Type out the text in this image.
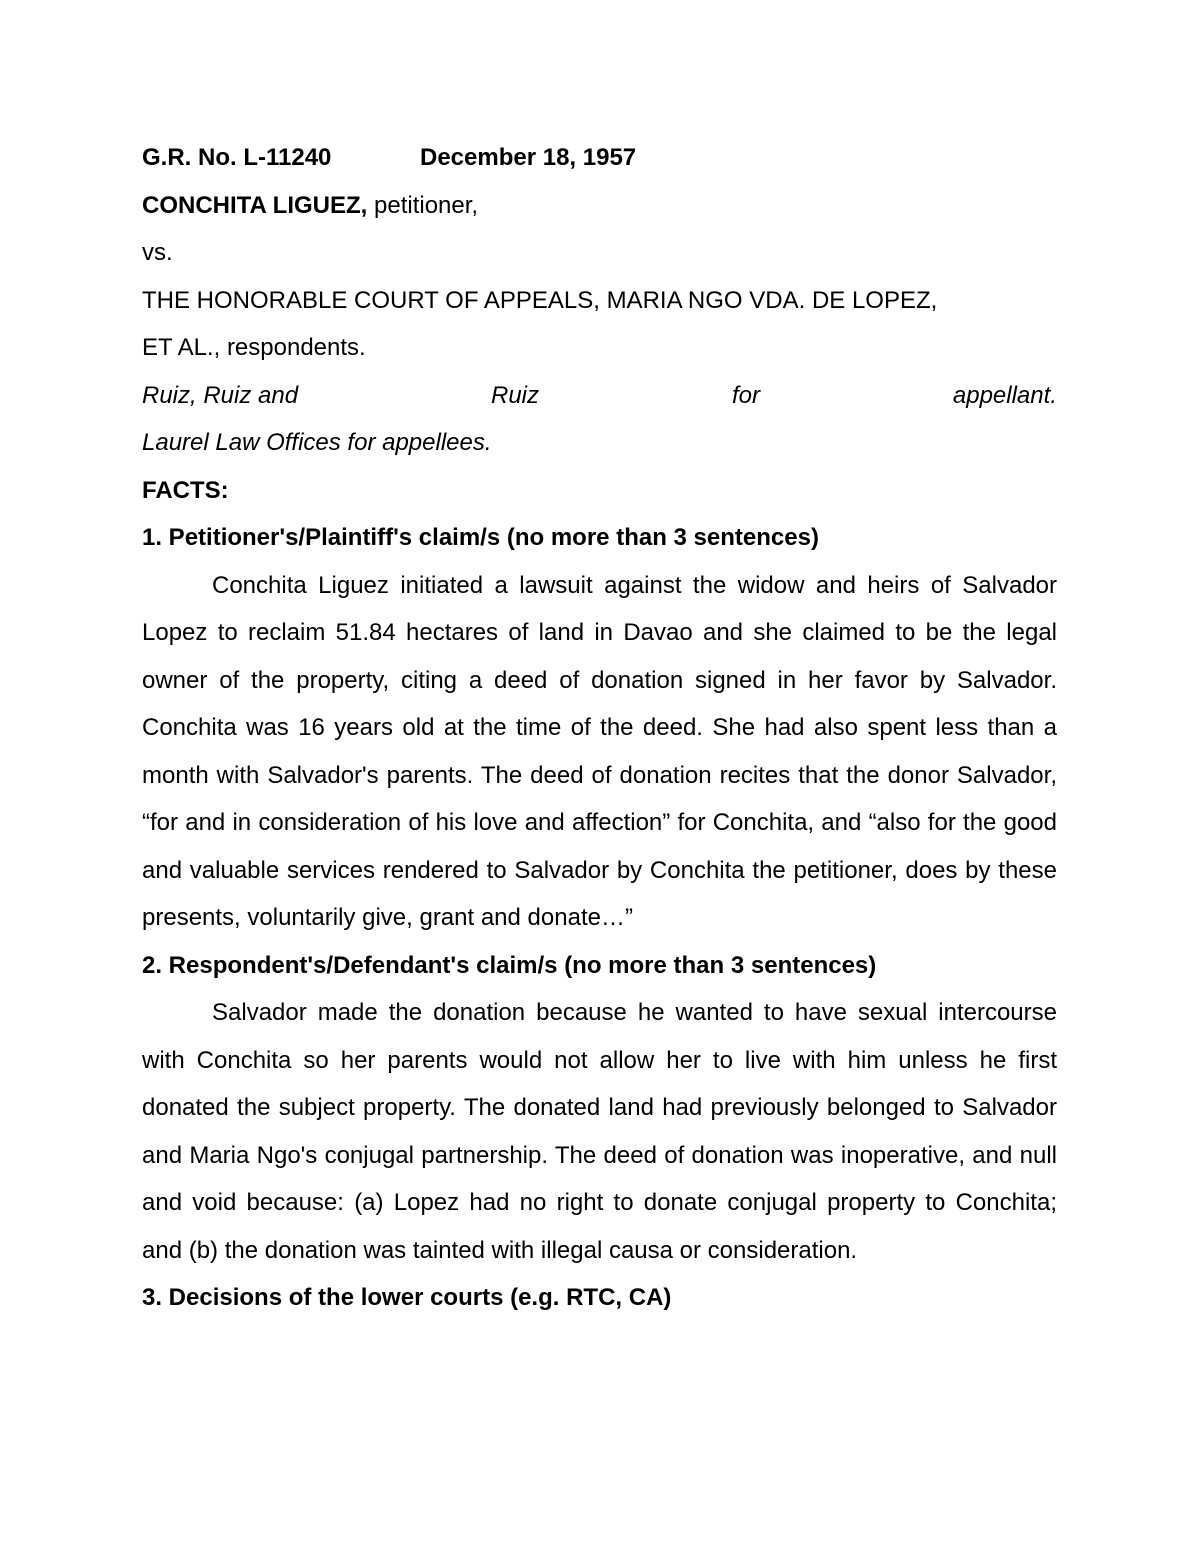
G.R. No. L-11240	December 18, 1957
CONCHITA LIGUEZ, petitioner,
vs.
THE HONORABLE COURT OF APPEALS, MARIA NGO VDA. DE LOPEZ,
ET AL., respondents.
Ruiz, Ruiz and	Ruiz	for	appellant.
Laurel Law Offices for appellees.
FACTS:
1. Petitioner's/Plaintiff's claim/s (no more than 3 sentences)

Conchita Liguez initiated a lawsuit against the widow and heirs of Salvador Lopez to reclaim 51.84 hectares of land in Davao and she claimed to be the legal owner of the property, citing a deed of donation signed in her favor by Salvador. Conchita was 16 years old at the time of the deed. She had also spent less than a month with Salvador's parents. The deed of donation recites that the donor Salvador, “for and in consideration of his love and affection” for Conchita, and “also for the good and valuable services rendered to Salvador by Conchita the petitioner, does by these presents, voluntarily give, grant and donate…”

2. Respondent's/Defendant's claim/s (no more than 3 sentences)

Salvador made the donation because he wanted to have sexual intercourse with Conchita so her parents would not allow her to live with him unless he first donated the subject property. The donated land had previously belonged to Salvador and Maria Ngo's conjugal partnership. The deed of donation was inoperative, and null and void because: (a) Lopez had no right to donate conjugal property to Conchita; and (b) the donation was tainted with illegal causa or consideration.

3. Decisions of the lower courts (e.g. RTC, CA)
